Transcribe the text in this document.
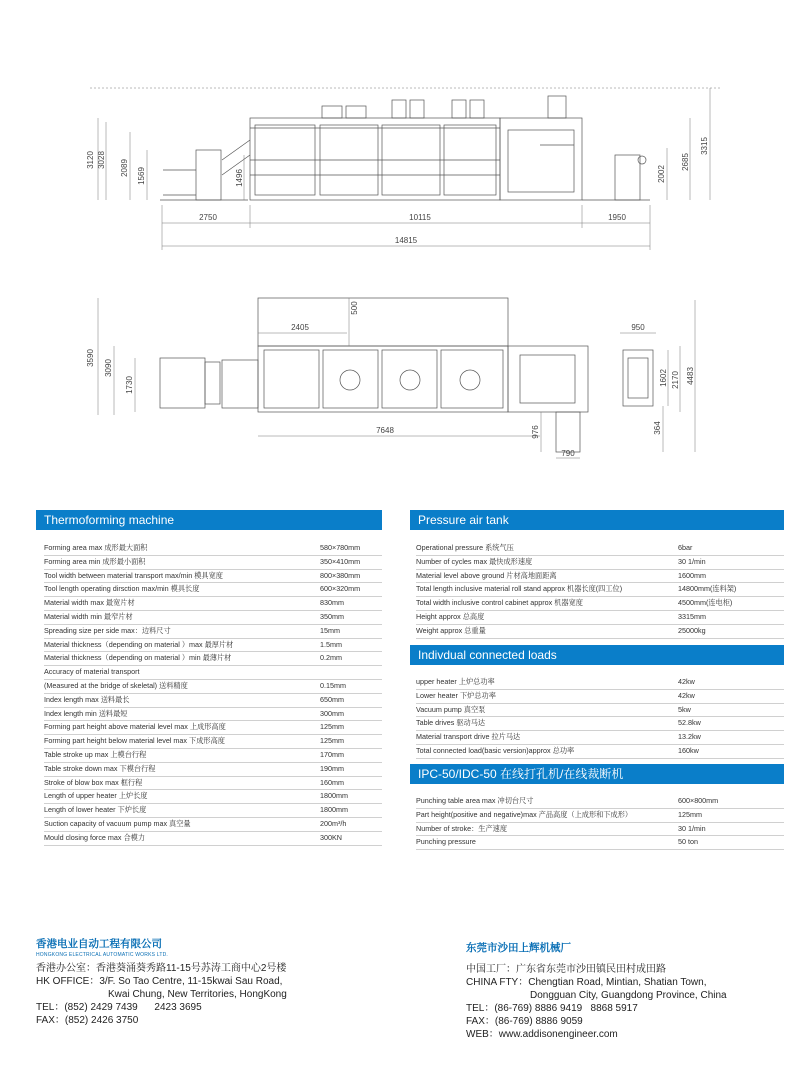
3120 3028 2089 1569	1496	2002
2685
3315
2750	10115	1950
14815
3590
3090
1730
2405
500
950
1602 2170 4483
7648	976	364
790
Thermoforming machine
Forming area max 成形最大面积	580×780mm
Forming area min 成形最小面积	350×410mm
Tool width between material transport max/min 模具宽度	800×380mm
Tool length operating dirsction max/min 模具长度	600×320mm
Material width max 最宽片材	830mm
Material width min 最窄片材	350mm
Spreading size per side max：边料尺寸	15mm
Material thickness（depending on material ）max 最厚片材	1.5mm
Material thickness（depending on material ）min 最薄片材	0.2mm
Accuracy of material transport
(Measured at the bridge of skeletal) 送料精度	0.15mm
Index length max 送料最长	650mm
Index length min 送料最短	300mm
Forming part height above material level max 上成形高度	125mm
Forming part height below material level max 下成形高度	125mm
Table stroke up max 上模台行程	170mm
Table stroke down max 下模台行程	190mm
Stroke of blow box max 框行程	160mm
Length of upper heater 上炉长度	1800mm
Length of lower heater 下炉长度	1800mm
Suction capacity of vacuum pump max 真空量	200m³/h
Mould closing force max 合模力	300KN
Pressure air tank
Operational pressure 系统气压	6bar
Number of cycles max 最快成形速度	30 1/min
Material level above ground 片材高地面距离	1600mm
Total length inclusive material roll stand approx 机器长度(四工位)	14800mm(连料架)
Total width inclusive control cabinet approx 机器宽度	4500mm(连电柜)
Height approx 总高度	3315mm
Weight approx 总重量	25000kg
Indivdual connected loads
upper heater 上炉总功率	42kw
Lower heater 下炉总功率	42kw
Vacuum pump 真空泵	5kw
Table drives 驱动马达	52.8kw
Material transport drive 拉片马达	13.2kw
Total connected load(basic version)approx 总功率	160kw
IPC-50/IDC-50 在线打孔机/在线裁断机
Punching table area max 冲切台尺寸	600×800mm
Part height(positive and negative)max 产品高度（上成形和下成形）	125mm
Number of stroke：生产速度	30 1/min
Punching pressure	50 ton
香港电业自动工程有限公司
HONGKONG ELECTRICAL AUTOMATIC WORKS LTD.
香港办公室：香港葵涌葵秀路11-15号苏涛工商中心2号楼
HK OFFICE：3/F. So Tao Centre, 11-15kwai Sau Road,
Kwai Chung, New Territories, HongKong
TEL：(852) 2429 7439      2423 3695
FAX：(852) 2426 3750
东莞市沙田上辉机械厂
中国工厂：广东省东莞市沙田镇民田村成田路
CHINA FTY：Chengtian Road, Mintian, Shatian Town,
Dongguan City, Guangdong Province, China
TEL：(86-769) 8886 9419   8868 5917
FAX：(86-769) 8886 9059
WEB：www.addisonengineer.com
